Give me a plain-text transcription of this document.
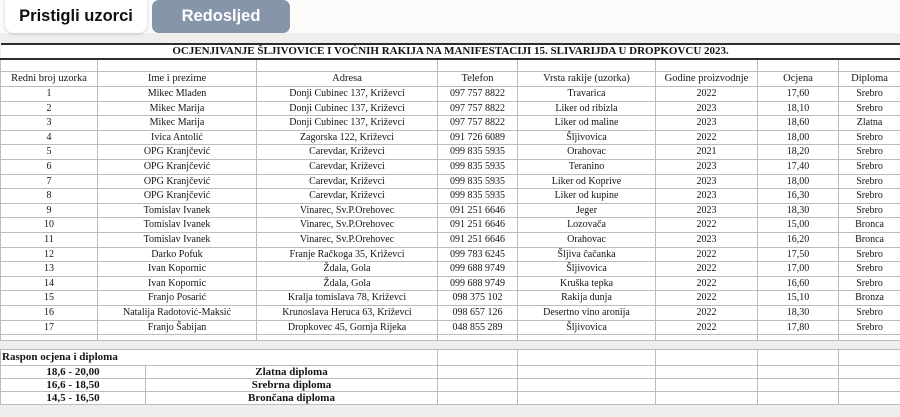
Pristigli uzorci	Redosljed
OCJENJIVANJE ŠLJIVOVICE I VOĆNIH RAKIJA NA MANIFESTACIJI 15. SLIVARIJDA U DROPKOVCU 2023.							

Redni broj uzorka	Ime i prezime	Adresa	Telefon	Vrsta rakije (uzorka)	Godine proizvodnje	Ocjena	Diploma
1	Mikec Mladen	Donji Cubinec 137, Križevci	097 757 8822	Travarica	2022	17,60	Srebro
2	Mikec Marija	Donji Cubinec 137, Križevci	097 757 8822	Liker od ribizla	2023	18,10	Srebro
3	Mikec Marija	Donji Cubinec 137, Križevci	097 757 8822	Liker od maline	2023	18,60	Zlatna
4	Ivica Antolić	Zagorska 122, Križevci	091 726 6089	Šljivovica	2022	18,00	Srebro
5	OPG Kranjčević	Carevdar, Križevci	099 835 5935	Orahovac	2021	18,20	Srebro
6	OPG Kranjčević	Carevdar, Križevci	099 835 5935	Teranino	2023	17,40	Srebro
7	OPG Kranjčević	Carevdar, Križevci	099 835 5935	Liker od Koprive	2023	18,00	Srebro
8	OPG Kranjčević	Carevdar, Križevci	099 835 5935	Liker od kupine	2023	16,30	Srebro
9	Tomislav Ivanek	Vinarec, Sv.P.Orehovec	091 251 6646	Jeger	2023	18,30	Srebro
10	Tomislav Ivanek	Vinarec, Sv.P.Orehovec	091 251 6646	Lozovača	2022	15,00	Bronca
11	Tomislav Ivanek	Vinarec, Sv.P.Orehovec	091 251 6646	Orahovac	2023	16,20	Bronca
12	Darko Pofuk	Franje Račkoga 35, Križevci	099 783 6245	Šljiva čačanka	2022	17,50	Srebro
13	Ivan Kopornic	Ždala, Gola	099 688 9749	Šljivovica	2022	17,00	Srebro
14	Ivan Kopornic	Ždala, Gola	099 688 9749	Kruška tepka	2022	16,60	Srebro
15	Franjo Posarić	Kralja tomislava 78, Križevci	098 375 102	Rakija dunja	2022	15,10	Bronza
16	Natalija Radotović-Maksić	Krunoslava Heruca 63, Križevci	098 657 126	Desertno vino aronija	2022	18,30	Srebro
17	Franjo Šabijan	Dropkovec 45, Gornja Rijeka	048 855 289	Šljivovica	2022	17,80	Srebro

Raspon ocjena i diploma						
18,6 - 20,00	Zlatna diploma					
16,6 - 18,50	Srebrna diploma					
14,5 - 16,50	Brončana diploma					
